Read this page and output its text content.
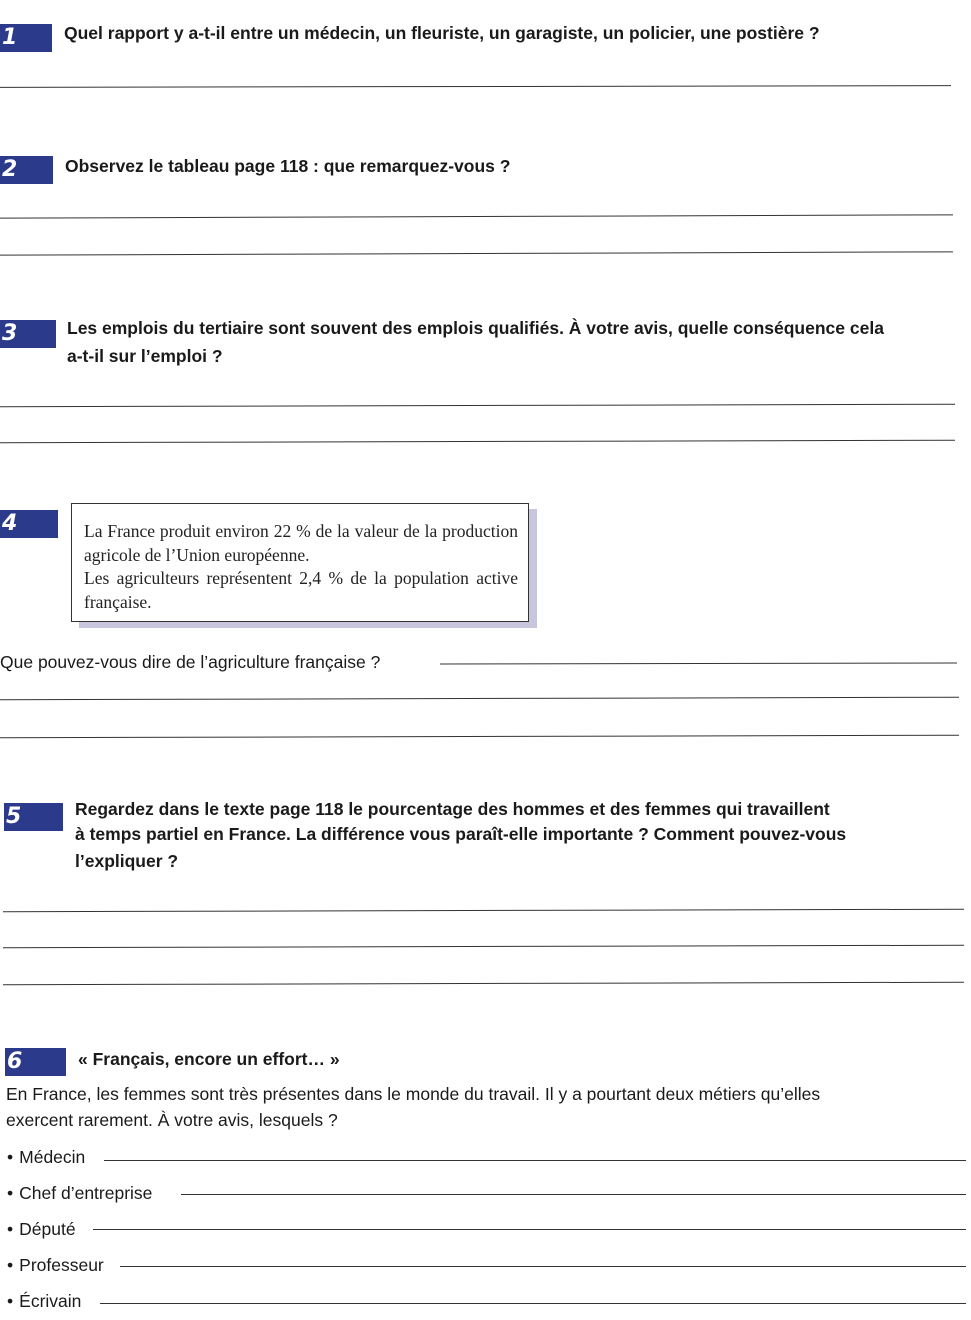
1	Quel rapport y a-t-il entre un médecin, un fleuriste, un garagiste, un policier, une postière ?
2	Observez le tableau page 118 : que remarquez-vous ?
3	Les emplois du tertiaire sont souvent des emplois qualifiés. À votre avis, quelle conséquence cela
a-t-il sur l’emploi ?
4	La France produit environ 22 % de la valeur de la production agricole de l’Union européenne.

Les agriculteurs représentent 2,4 % de la population active française.

Que pouvez-vous dire de l’agriculture française ?
5	Regardez dans le texte page 118 le pourcentage des hommes et des femmes qui travaillent
à temps partiel en France. La différence vous paraît-elle importante ? Comment pouvez-vous
l’expliquer ?
6	« Français, encore un effort… »
En France, les femmes sont très présentes dans le monde du travail. Il y a pourtant deux métiers qu’elles
exercent rarement. À votre avis, lesquels ?
• Médecin
• Chef d’entreprise
• Député
• Professeur
• Écrivain
